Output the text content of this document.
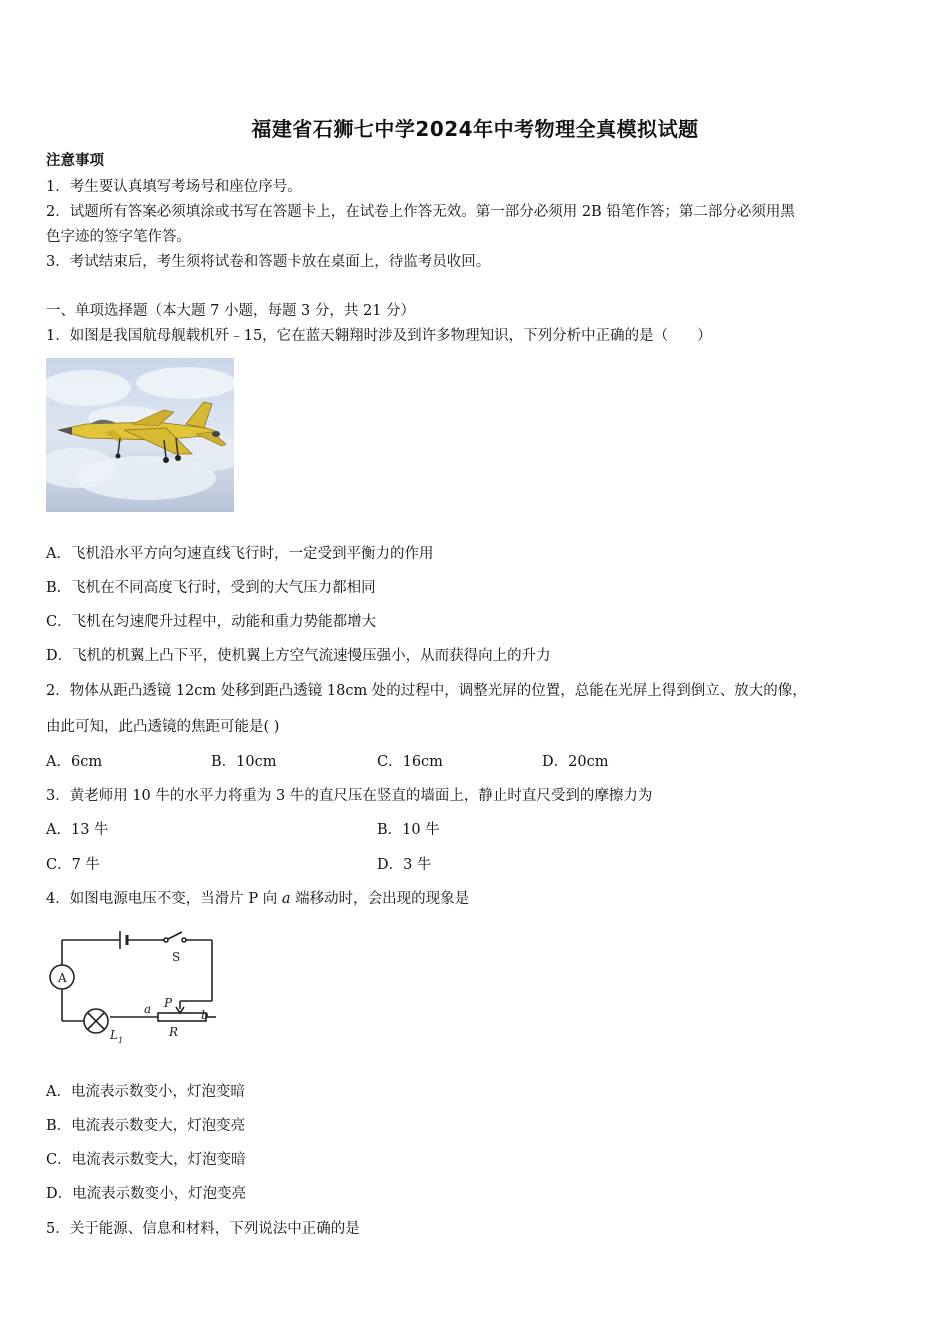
福建省石狮七中学2024年中考物理全真模拟试题
注意事项
1．考生要认真填写考场号和座位序号。
2．试题所有答案必须填涂或书写在答题卡上，在试卷上作答无效。第一部分必须用 2B 铅笔作答；第二部分必须用黑
色字迹的签字笔作答。
3．考试结束后，考生须将试卷和答题卡放在桌面上，待监考员收回。
一、单项选择题（本大题 7 小题，每题 3 分，共 21 分）
1．如图是我国航母舰载机歼﹣15，它在蓝天翱翔时涉及到许多物理知识，下列分析中正确的是（　　）
A．飞机沿水平方向匀速直线飞行时，一定受到平衡力的作用
B．飞机在不同高度飞行时，受到的大气压力都相同
C．飞机在匀速爬升过程中，动能和重力势能都增大
D．飞机的机翼上凸下平，使机翼上方空气流速慢压强小，从而获得向上的升力
2．物体从距凸透镜 12cm 处移到距凸透镜 18cm 处的过程中，调整光屏的位置，总能在光屏上得到倒立、放大的像，
由此可知，此凸透镜的焦距可能是( )
A．6cm	B．10cm	C．16cm	D．20cm
3．黄老师用 10 牛的水平力将重为 3 牛的直尺压在竖直的墙面上，静止时直尺受到的摩擦力为
A．13 牛	B．10 牛
C．7 牛	D．3 牛
4．如图电源电压不变，当滑片 P 向 a 端移动时，会出现的现象是
A
S
$L_1$
a	b
P
R
A．电流表示数变小，灯泡变暗
B．电流表示数变大，灯泡变亮
C．电流表示数变大，灯泡变暗
D．电流表示数变小，灯泡变亮
5．关于能源、信息和材料，下列说法中正确的是
